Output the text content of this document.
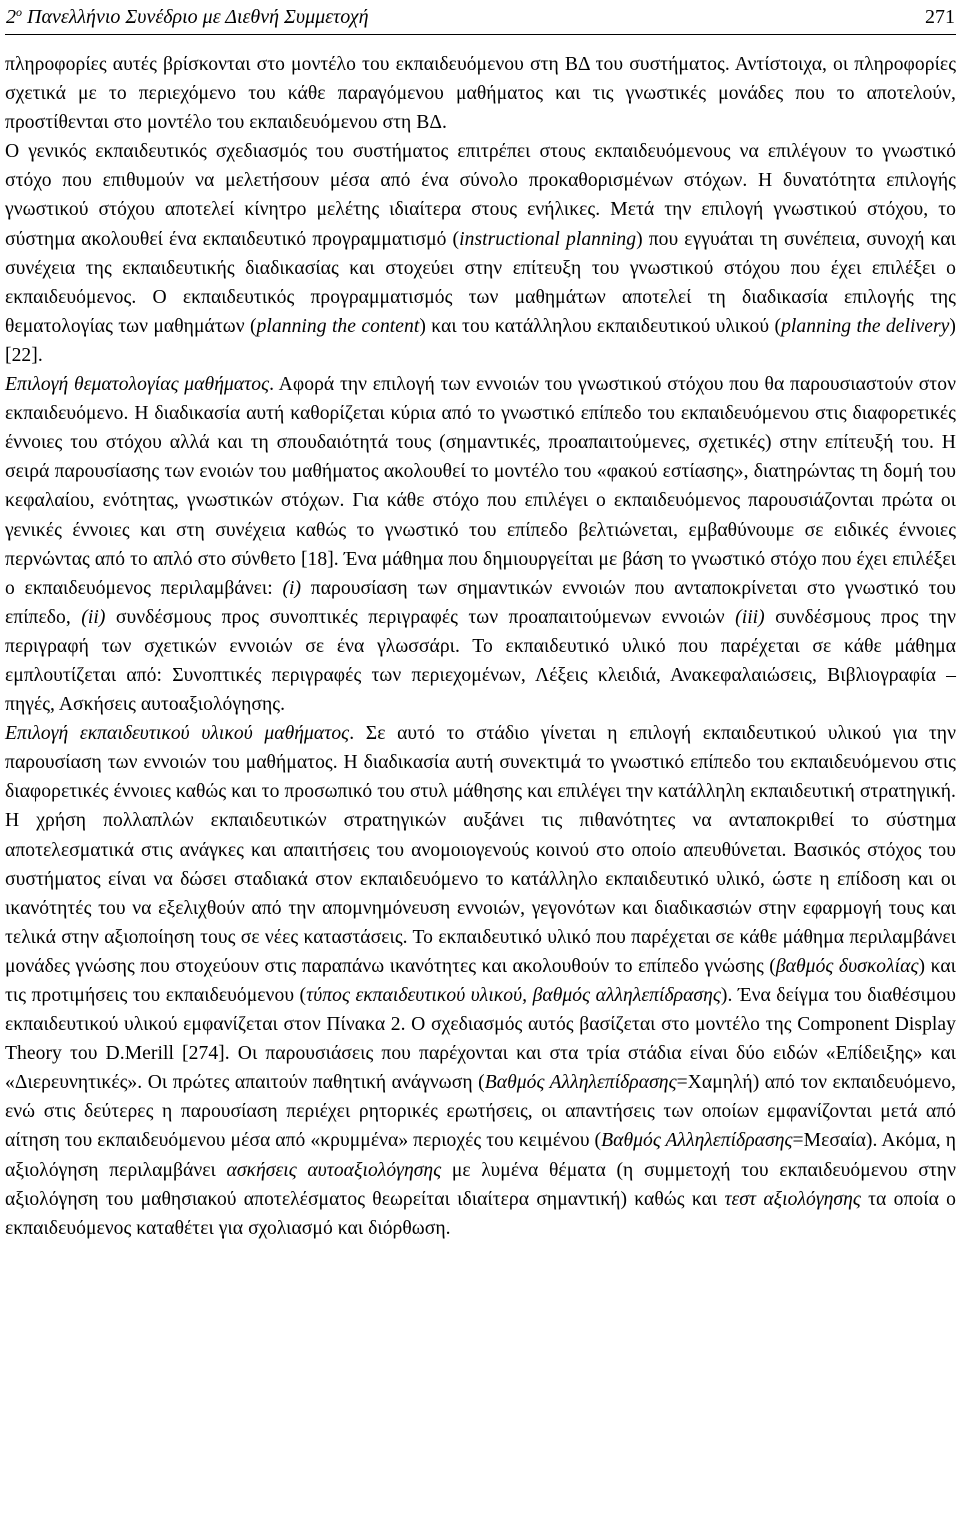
$2^o$ Πανελλήνιο Συνέδριο με Διεθνή Συμμετοχή	271

πληροφορίες αυτές βρίσκονται στο μοντέλο του εκπαιδευόμενου στη ΒΔ του συστήματος. Αντίστοιχα, οι πληροφορίες σχετικά με το περιεχόμενο του κάθε παραγόμενου μαθήματος και τις γνωστικές μονάδες που το αποτελούν, προστίθενται στο μοντέλο του εκπαιδευόμενου στη ΒΔ.

Ο γενικός εκπαιδευτικός σχεδιασμός του συστήματος επιτρέπει στους εκπαιδευόμενους να επιλέγουν το γνωστικό στόχο που επιθυμούν να μελετήσουν μέσα από ένα σύνολο προκαθορισμένων στόχων. Η δυνατότητα επιλογής γνωστικού στόχου αποτελεί κίνητρο μελέτης ιδιαίτερα στους ενήλικες. Μετά την επιλογή γνωστικού στόχου, το σύστημα ακολουθεί ένα εκπαιδευτικό προγραμματισμό (instructional planning) που εγγυάται τη συνέπεια, συνοχή και συνέχεια της εκπαιδευτικής διαδικασίας και στοχεύει στην επίτευξη του γνωστικού στόχου που έχει επιλέξει ο εκπαιδευόμενος. Ο εκπαιδευτικός προγραμματισμός των μαθημάτων αποτελεί τη διαδικασία επιλογής της θεματολογίας των μαθημάτων (planning the content) και του κατάλληλου εκπαιδευτικού υλικού (planning the delivery)[22].

Επιλογή θεματολογίας μαθήματος. Αφορά την επιλογή των εννοιών του γνωστικού στόχου που θα παρουσιαστούν στον εκπαιδευόμενο. Η διαδικασία αυτή καθορίζεται κύρια από το γνωστικό επίπεδο του εκπαιδευόμενου στις διαφορετικές έννοιες του στόχου αλλά και τη σπουδαιότητά τους (σημαντικές, προαπαιτούμενες, σχετικές) στην επίτευξή του. Η σειρά παρουσίασης των ενοιών του μαθήματος ακολουθεί το μοντέλο του «φακού εστίασης», διατηρώντας τη δομή του κεφαλαίου, ενότητας, γνωστικών στόχων. Για κάθε στόχο που επιλέγει ο εκπαιδευόμενος παρουσιάζονται πρώτα οι γενικές έννοιες και στη συνέχεια καθώς το γνωστικό του επίπεδο βελτιώνεται, εμβαθύνουμε σε ειδικές έννοιες περνώντας από το απλό στο σύνθετο [18]. Ένα μάθημα που δημιουργείται με βάση το γνωστικό στόχο που έχει επιλέξει ο εκπαιδευόμενος περιλαμβάνει: (i) παρουσίαση των σημαντικών εννοιών που ανταποκρίνεται στο γνωστικό του επίπεδο, (ii) συνδέσμους προς συνοπτικές περιγραφές των προαπαιτούμενων εννοιών (iii) συνδέσμους προς την περιγραφή των σχετικών εννοιών σε ένα γλωσσάρι. Το εκπαιδευτικό υλικό που παρέχεται σε κάθε μάθημα εμπλουτίζεται από: Συνοπτικές περιγραφές των περιεχομένων, Λέξεις κλειδιά, Ανακεφαλαιώσεις, Βιβλιογραφία – πηγές, Ασκήσεις αυτοαξιολόγησης.

Επιλογή εκπαιδευτικού υλικού μαθήματος. Σε αυτό το στάδιο γίνεται η επιλογή εκπαιδευτικού υλικού για την παρουσίαση των εννοιών του μαθήματος. Η διαδικασία αυτή συνεκτιμά το γνωστικό επίπεδο του εκπαιδευόμενου στις διαφορετικές έννοιες καθώς και το προσωπικό του στυλ μάθησης και επιλέγει την κατάλληλη εκπαιδευτική στρατηγική. Η χρήση πολλαπλών εκπαιδευτικών στρατηγικών αυξάνει τις πιθανότητες να ανταποκριθεί το σύστημα αποτελεσματικά στις ανάγκες και απαιτήσεις του ανομοιογενούς κοινού στο οποίο απευθύνεται. Βασικός στόχος του συστήματος είναι να δώσει σταδιακά στον εκπαιδευόμενο το κατάλληλο εκπαιδευτικό υλικό, ώστε η επίδοση και οι ικανότητές του να εξελιχθούν από την απομνημόνευση εννοιών, γεγονότων και διαδικασιών στην εφαρμογή τους και τελικά στην αξιοποίηση τους σε νέες καταστάσεις. Το εκπαιδευτικό υλικό που παρέχεται σε κάθε μάθημα περιλαμβάνει μονάδες γνώσης που στοχεύουν στις παραπάνω ικανότητες και ακολουθούν το επίπεδο γνώσης (βαθμός δυσκολίας) και τις προτιμήσεις του εκπαιδευόμενου (τύπος εκπαιδευτικού υλικού, βαθμός αλληλεπίδρασης). Ένα δείγμα του διαθέσιμου εκπαιδευτικού υλικού εμφανίζεται στον Πίνακα 2. Ο σχεδιασμός αυτός βασίζεται στο μοντέλο της Component Display Theory του D.Merill [274]. Οι παρουσιάσεις που παρέχονται και στα τρία στάδια είναι δύο ειδών «Επίδειξης» και «Διερευνητικές». Οι πρώτες απαιτούν παθητική ανάγνωση (Βαθμός Αλληλεπίδρασης=Χαμηλή) από τον εκπαιδευόμενο, ενώ στις δεύτερες η παρουσίαση περιέχει ρητορικές ερωτήσεις, οι απαντήσεις των οποίων εμφανίζονται μετά από αίτηση του εκπαιδευόμενου μέσα από «κρυμμένα» περιοχές του κειμένου (Βαθμός Αλληλεπίδρασης=Μεσαία). Ακόμα, η αξιολόγηση περιλαμβάνει ασκήσεις αυτοαξιολόγησης με λυμένα θέματα (η συμμετοχή του εκπαιδευόμενου στην αξιολόγηση του μαθησιακού αποτελέσματος θεωρείται ιδιαίτερα σημαντική) καθώς και τεστ αξιολόγησης τα οποία ο εκπαιδευόμενος καταθέτει για σχολιασμό και διόρθωση.
